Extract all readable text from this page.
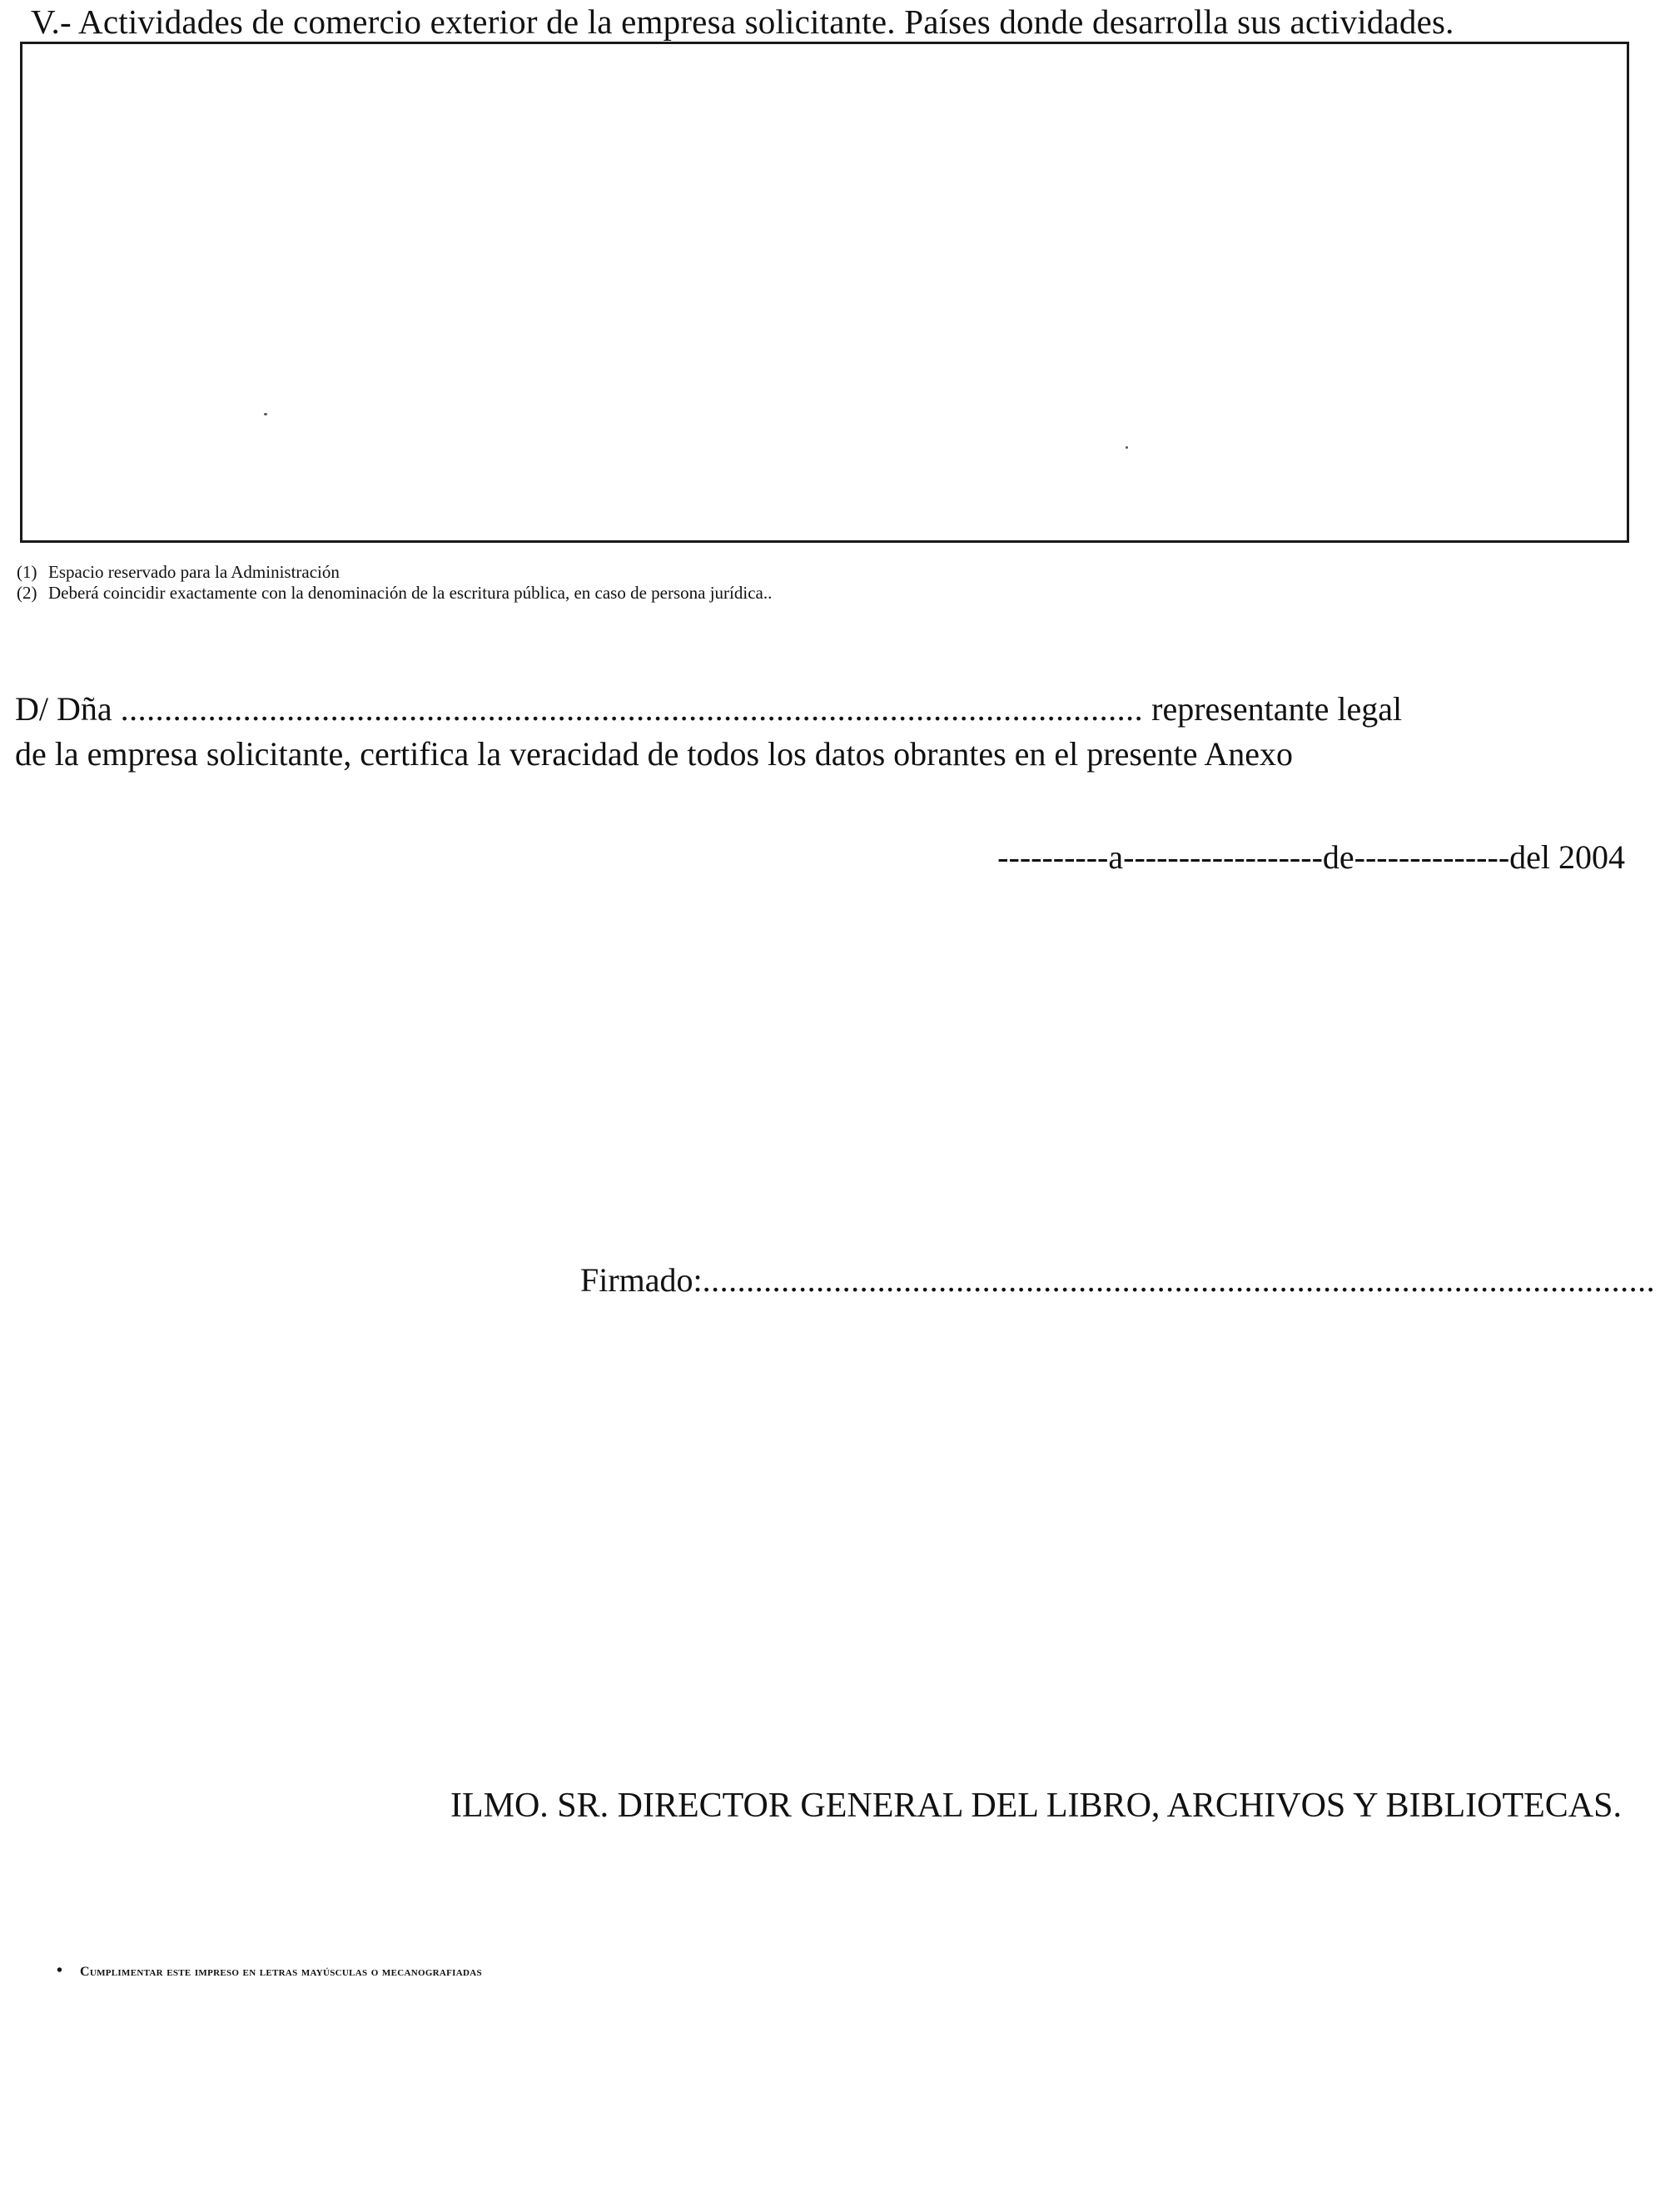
V.- Actividades de comercio exterior de la empresa solicitante. Países donde desarrolla sus actividades.
(1) Espacio reservado para la Administración
(2) Deberá coincidir exactamente con la denominación de la escritura pública, en caso de persona jurídica..
D/ Dña ..................................................................................................................... representante legal
de la empresa solicitante, certifica la veracidad de todos los datos obrantes en el presente Anexo
----------a------------------de--------------del 2004
Firmado:.............................................................................................................
ILMO. SR. DIRECTOR GENERAL DEL LIBRO, ARCHIVOS Y BIBLIOTECAS.
• Cumplimentar este impreso en letras mayúsculas o mecanografiadas
